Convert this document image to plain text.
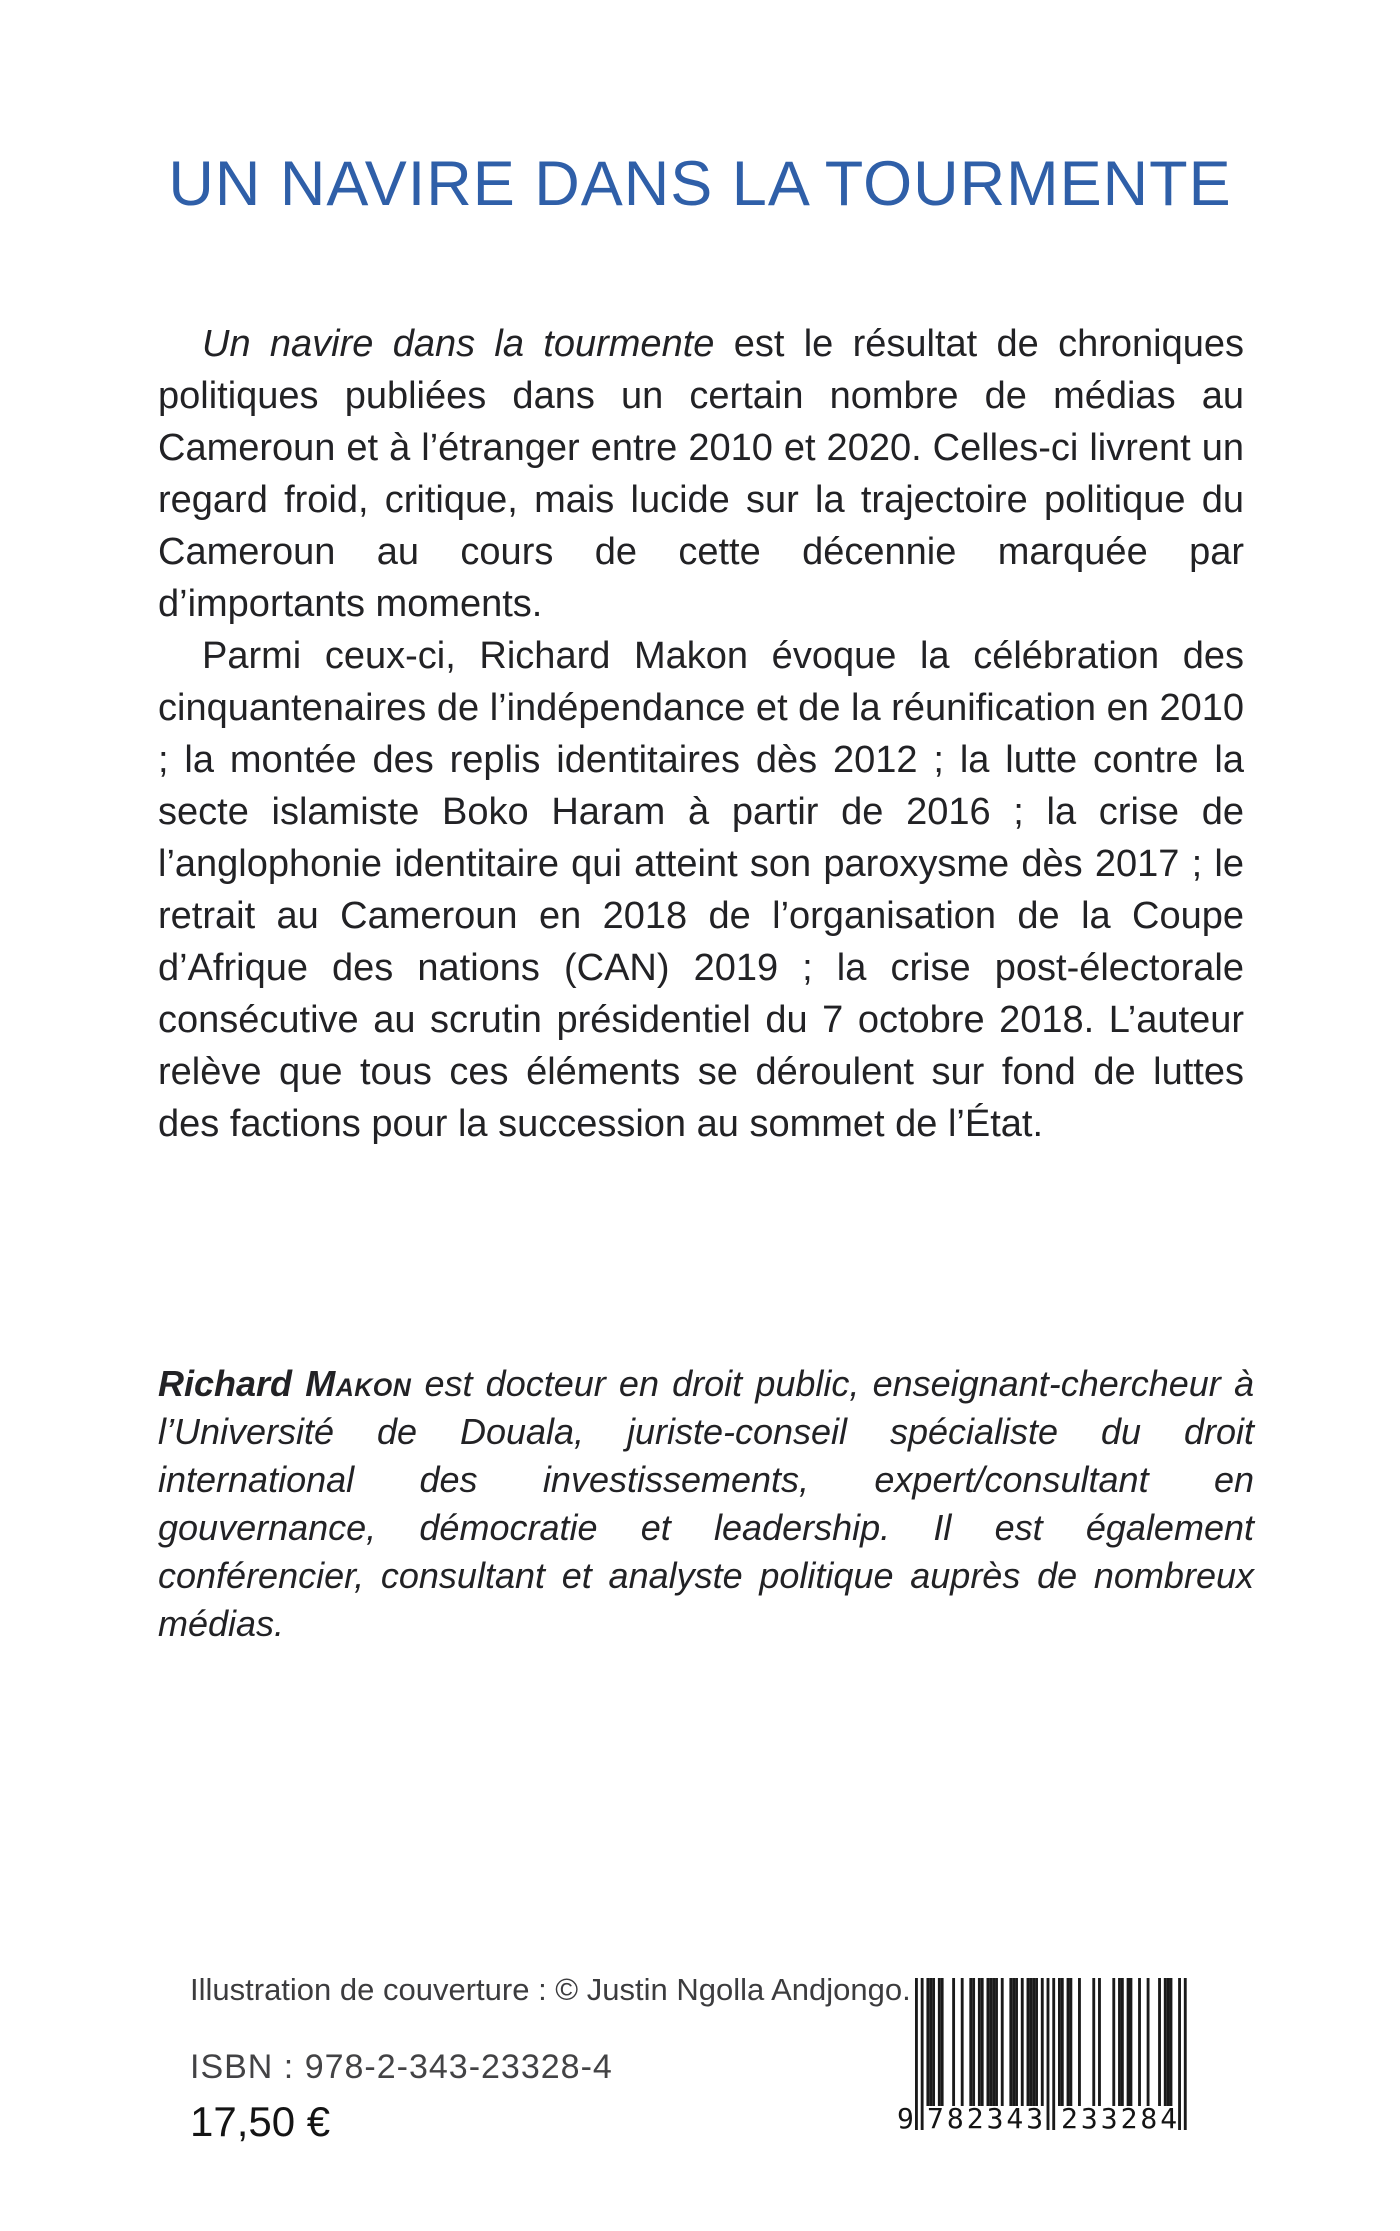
UN NAVIRE DANS LA TOURMENTE

Un navire dans la tourmente est le résultat de chroniques politiques publiées dans un certain nombre de médias au Cameroun et à l’étranger entre 2010 et 2020. Celles-ci livrent un regard froid, critique, mais lucide sur la trajectoire politique du Cameroun au cours de cette décennie marquée par d’importants moments.

Parmi ceux-ci, Richard Makon évoque la célébration des cinquantenaires de l’indépendance et de la réunification en 2010 ; la montée des replis identitaires dès 2012 ; la lutte contre la secte islamiste Boko Haram à partir de 2016 ; la crise de l’anglophonie identitaire qui atteint son paroxysme dès 2017 ; le retrait au Cameroun en 2018 de l’organisation de la Coupe d’Afrique des nations (CAN) 2019 ; la crise post-électorale consécutive au scrutin présidentiel du 7 octobre 2018. L’auteur relève que tous ces éléments se déroulent sur fond de luttes des factions pour la succession au sommet de l’État.

Richard Makon est docteur en droit public, enseignant-chercheur à l’Université de Douala, juriste-conseil spécialiste du droit international des investissements, expert/consultant en gouvernance, démocratie et leadership. Il est également conférencier, consultant et analyste politique auprès de nombreux médias.

Illustration de couverture : © Justin Ngolla Andjongo.
ISBN : 978-2-343-23328-4
17,50 €	9 782343 233284
